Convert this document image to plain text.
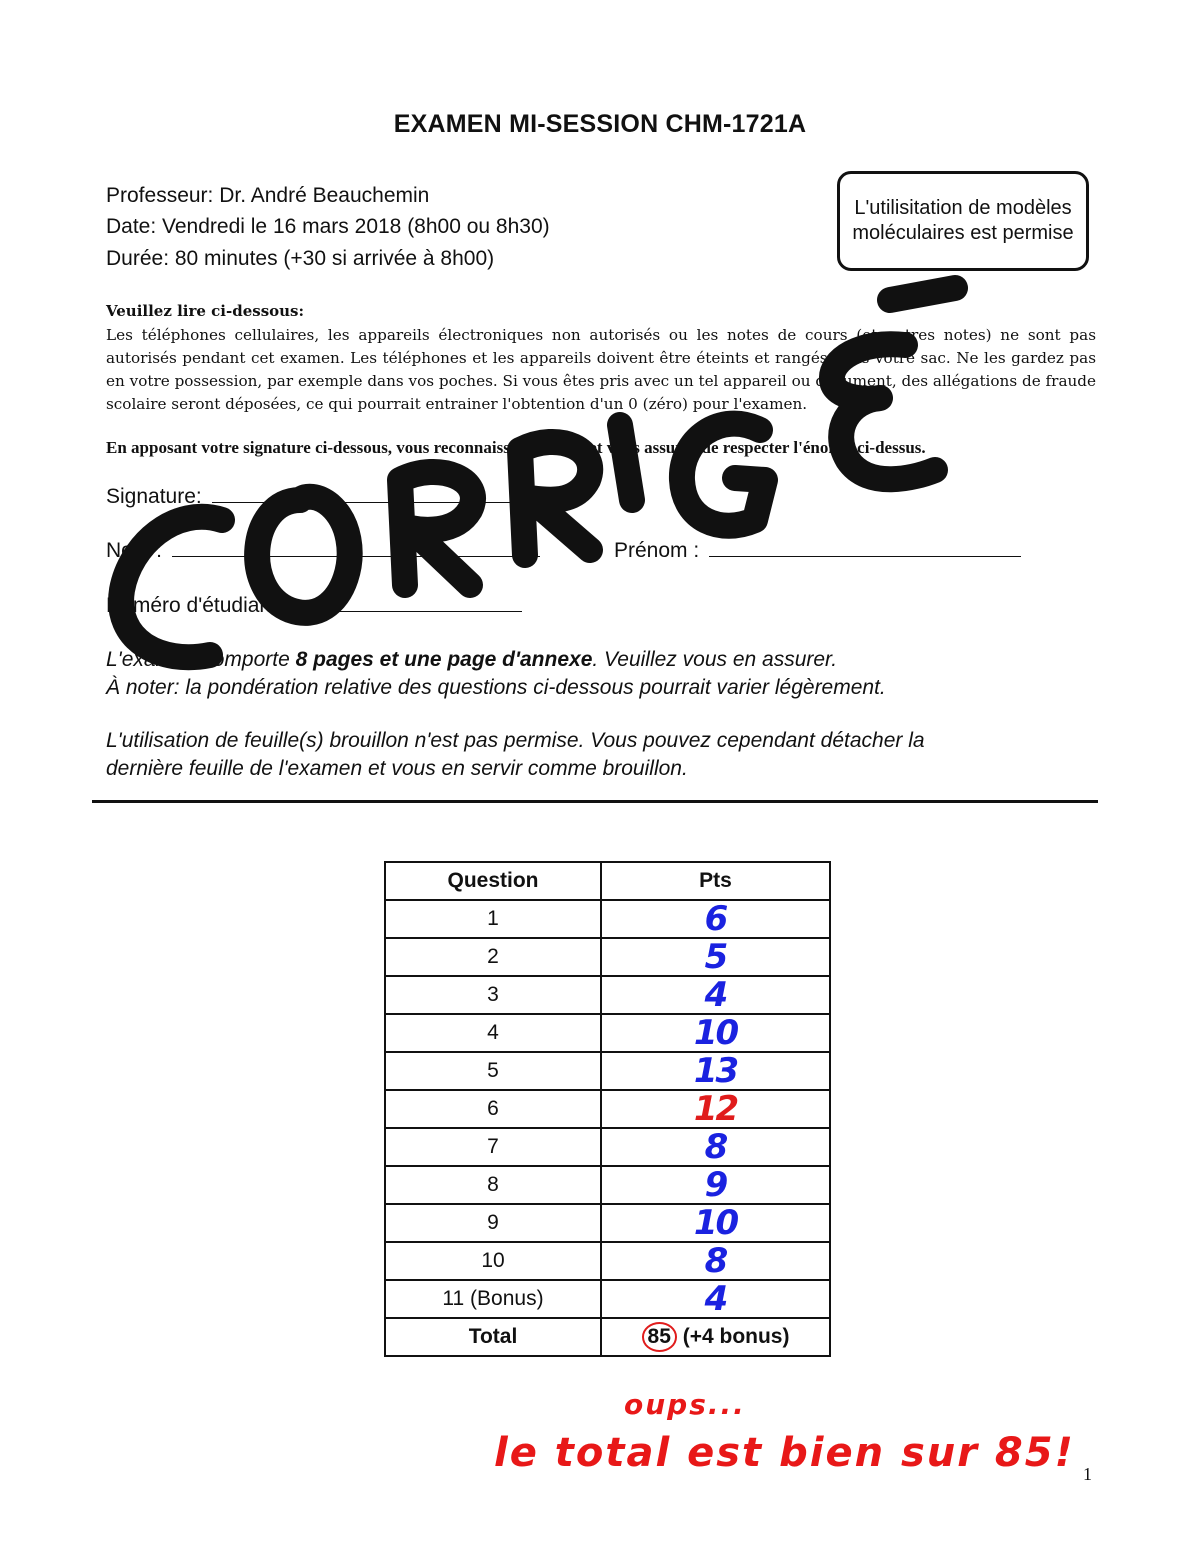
EXAMEN MI-SESSION CHM-1721A
Professeur: Dr. André Beauchemin
Date: Vendredi le 16 mars 2018 (8h00 ou 8h30)
Durée: 80 minutes (+30 si arrivée à 8h00)
L'utilisitation de modèles moléculaires est permise
Veuillez lire ci-dessous:
Les téléphones cellulaires, les appareils électroniques non autorisés ou les notes de cours (et autres notes) ne sont pas autorisés pendant cet examen. Les téléphones et les appareils doivent être éteints et rangés dans votre sac. Ne les gardez pas en votre possession, par exemple dans vos poches. Si vous êtes pris avec un tel appareil ou document, des allégations de fraude scolaire seront déposées, ce qui pourrait entrainer l'obtention d'un 0 (zéro) pour l'examen.
En apposant votre signature ci-dessous, vous reconnaissez avoir lu et vous assurer de respecter l'énoncé ci-dessus.
Signature:
Nom :	Prénom :
Numéro d'étudiant :
L'examen comporte 8 pages et une page d'annexe. Veuillez vous en assurer.
À noter: la pondération relative des questions ci-dessous pourrait varier légèrement.
L'utilisation de feuille(s) brouillon n'est pas permise. Vous pouvez cependant détacher la
dernière feuille de l'examen et vous en servir comme brouillon.
Question	Pts
1	6
2	5
3	4
4	10
5	13
6	12
7	8
8	9
9	10
10	8
11 (Bonus)	4
Total	85 (+4 bonus)
oups...
le total est bien sur 85! 1
